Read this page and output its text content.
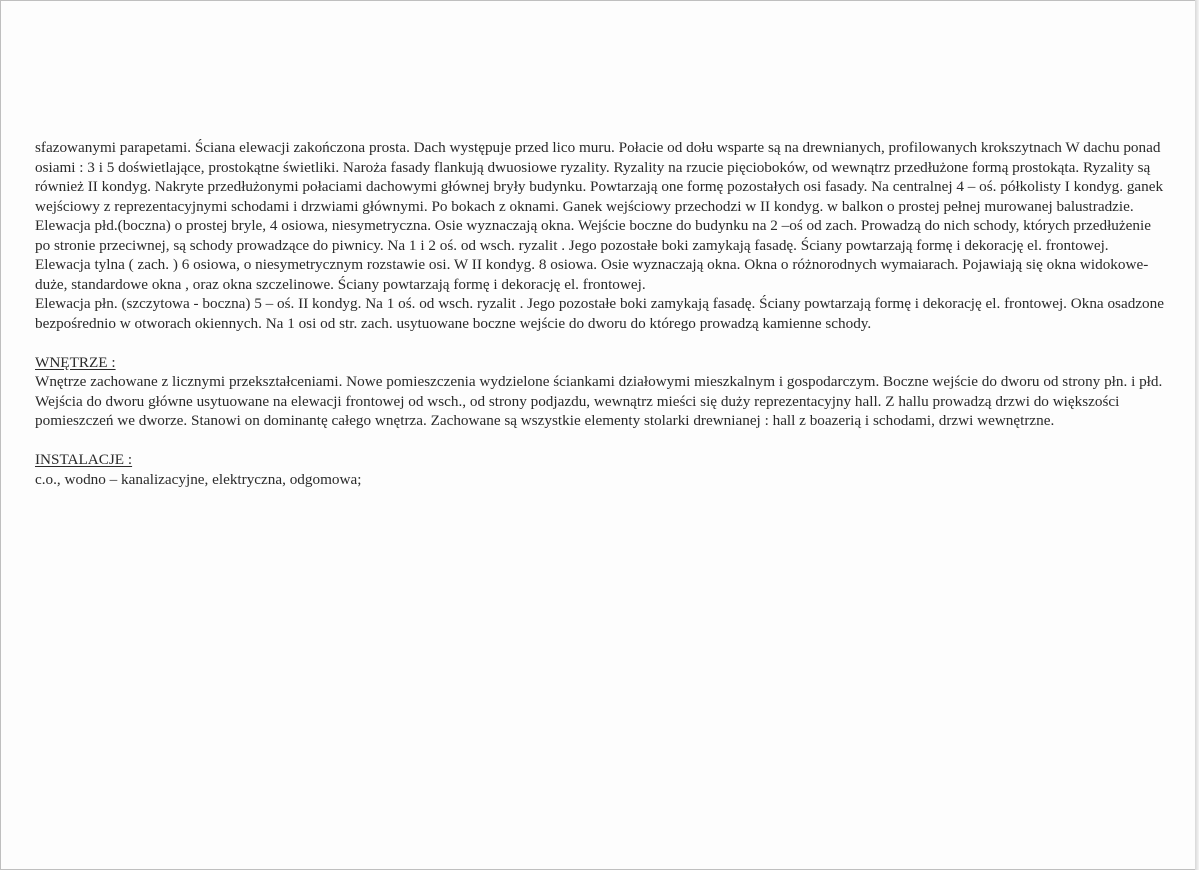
sfazowanymi parapetami. Ściana elewacji zakończona prosta. Dach występuje przed lico muru. Połacie od dołu wsparte są na drewnianych, profilowanych krokszytnach W dachu ponad osiami : 3 i 5 doświetlające, prostokątne świetliki. Naroża fasady flankują dwuosiowe ryzality. Ryzality na rzucie pięcioboków, od wewnątrz przedłużone formą prostokąta. Ryzality są również II kondyg. Nakryte przedłużonymi połaciami dachowymi głównej bryły budynku. Powtarzają one formę pozostałych osi fasady. Na centralnej 4 – oś. półkolisty I kondyg. ganek wejściowy z reprezentacyjnymi schodami i drzwiami głównymi. Po bokach z oknami. Ganek wejściowy przechodzi w II kondyg. w balkon o prostej pełnej murowanej balustradzie.

Elewacja płd.(boczna) o prostej bryle, 4 osiowa, niesymetryczna. Osie wyznaczają okna. Wejście boczne do budynku na 2 –oś od zach. Prowadzą do nich schody, których przedłużenie po stronie przeciwnej, są schody prowadzące do piwnicy. Na 1 i 2 oś. od wsch. ryzalit . Jego pozostałe boki zamykają fasadę. Ściany powtarzają formę i dekorację el. frontowej.

Elewacja tylna ( zach. ) 6 osiowa, o niesymetrycznym rozstawie osi. W II kondyg. 8 osiowa. Osie wyznaczają okna. Okna o różnorodnych wymaiarach. Pojawiają się okna widokowe-duże, standardowe okna , oraz okna szczelinowe. Ściany powtarzają formę i dekorację el. frontowej.

Elewacja płn. (szczytowa - boczna) 5 – oś. II kondyg. Na 1 oś. od wsch. ryzalit . Jego pozostałe boki zamykają fasadę. Ściany powtarzają formę i dekorację el. frontowej. Okna osadzone bezpośrednio w otworach okiennych. Na 1 osi od str. zach. usytuowane boczne wejście do dworu do którego prowadzą kamienne schody.

WNĘTRZE :

Wnętrze zachowane z licznymi przekształceniami. Nowe pomieszczenia wydzielone ściankami działowymi mieszkalnym i gospodarczym. Boczne wejście do dworu od strony płn. i płd. Wejścia do dworu główne usytuowane na elewacji frontowej od wsch., od strony podjazdu, wewnątrz mieści się duży reprezentacyjny hall. Z hallu prowadzą drzwi do większości pomieszczeń we dworze. Stanowi on dominantę całego wnętrza. Zachowane są wszystkie elementy stolarki drewnianej : hall z boazerią i schodami, drzwi wewnętrzne.

INSTALACJE :

c.o., wodno – kanalizacyjne, elektryczna, odgomowa;
